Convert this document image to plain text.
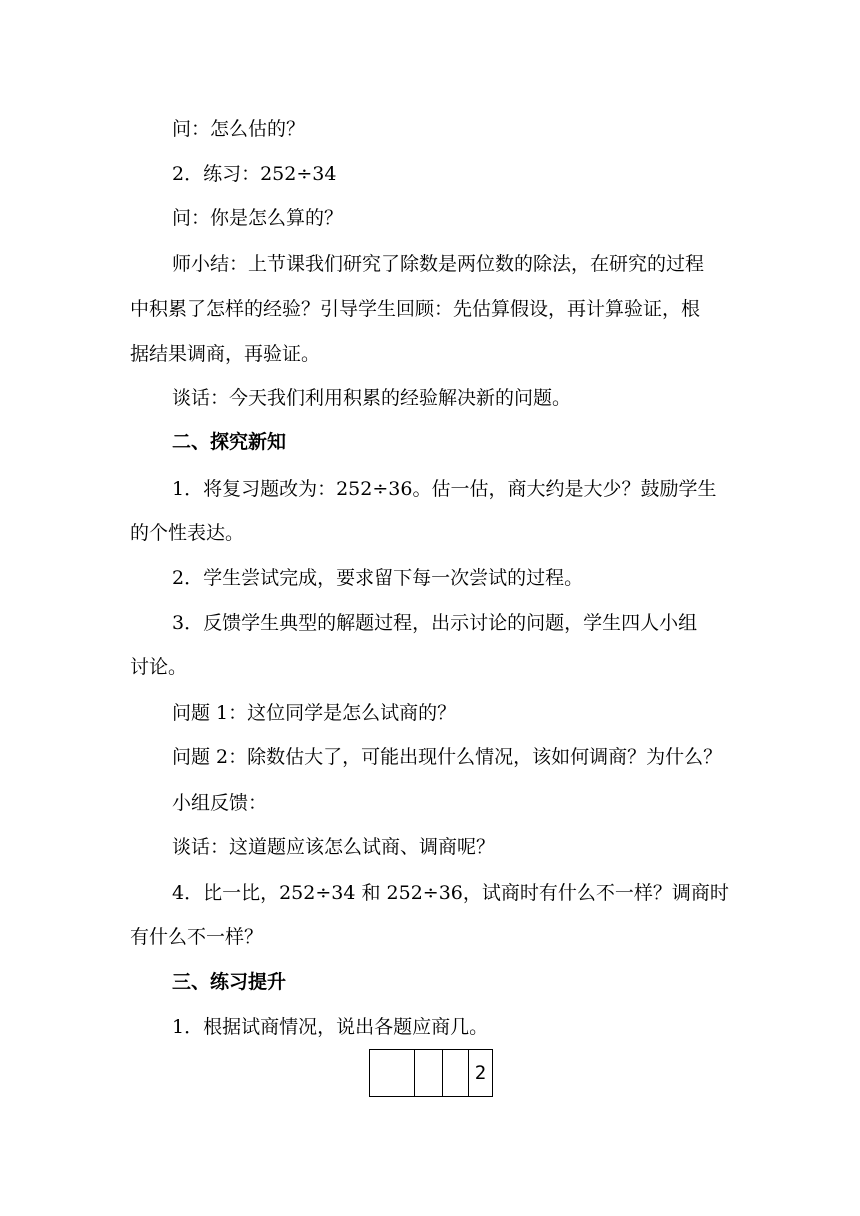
问：怎么估的？
2．练习：252÷34
问：你是怎么算的？
师小结：上节课我们研究了除数是两位数的除法，在研究的过程
中积累了怎样的经验？引导学生回顾：先估算假设，再计算验证，根
据结果调商，再验证。
谈话：今天我们利用积累的经验解决新的问题。
二、探究新知
1．将复习题改为：252÷36。估一估，商大约是大少？鼓励学生
的个性表达。
2．学生尝试完成，要求留下每一次尝试的过程。
3．反馈学生典型的解题过程，出示讨论的问题，学生四人小组
讨论。
问题 1：这位同学是怎么试商的？
问题 2：除数估大了，可能出现什么情况，该如何调商？为什么？
小组反馈：
谈话：这道题应该怎么试商、调商呢？
4．比一比，252÷34 和 252÷36，试商时有什么不一样？调商时
有什么不一样？
三、练习提升
1．根据试商情况，说出各题应商几。
2
